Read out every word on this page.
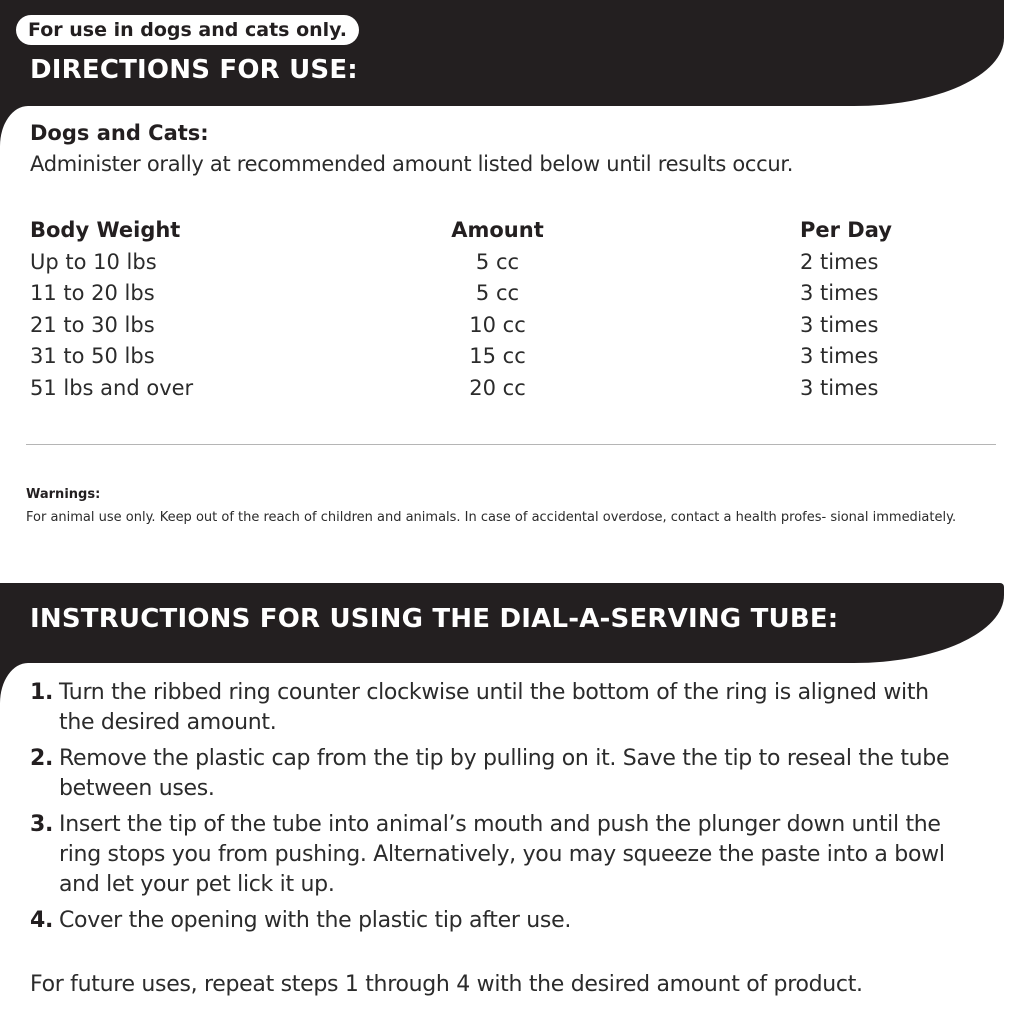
For use in dogs and cats only.
DIRECTIONS FOR USE:
Dogs and Cats:
Administer orally at recommended amount listed below until results occur.
Body Weight	Amount	Per Day
Up to 10 lbs	5 cc	2 times
11 to 20 lbs	5 cc	3 times
21 to 30 lbs	10 cc	3 times
31 to 50 lbs	15 cc	3 times
51 lbs and over	20 cc	3 times
Warnings:
For animal use only. Keep out of the reach of children and animals. In case of accidental overdose, contact a health profes- sional immediately.
INSTRUCTIONS FOR USING THE DIAL-A-SERVING TUBE:
1. Turn the ribbed ring counter clockwise until the bottom of the ring is aligned with the desired amount.
2. Remove the plastic cap from the tip by pulling on it. Save the tip to reseal the tube between uses.
3. Insert the tip of the tube into animal’s mouth and push the plunger down until the ring stops you from pushing. Alternatively, you may squeeze the paste into a bowl and let your pet lick it up.
4. Cover the opening with the plastic tip after use.
For future uses, repeat steps 1 through 4 with the desired amount of product.
